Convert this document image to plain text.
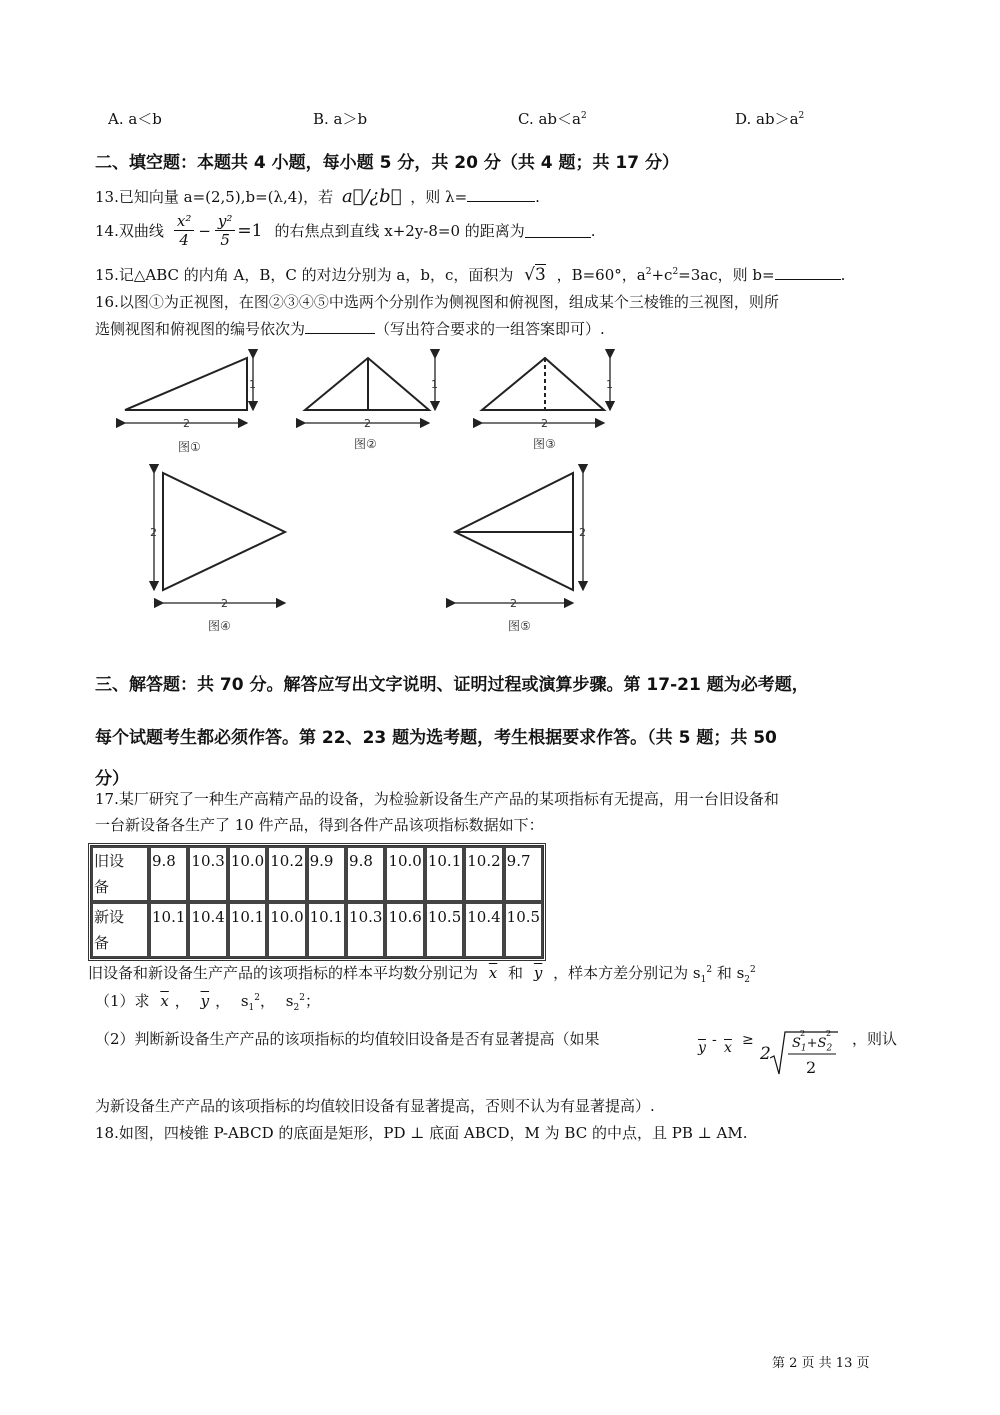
A. a＜b	B. a＞b	C. $ab<a^2$	D. $ab>a^2$
二、填空题：本题共 4 小题，每小题 5 分，共 20 分（共 4 题；共 17 分）
13.已知向量 a=(2,5),b=(λ,4)，若 a⃗/¿b⃗ ，则 λ=	.
14.双曲线 $\frac{\text{x²}}{4} - \frac{\text{y²}}{5} =1$ 的右焦点到直线 x+2y-8=0 的距离为	.
15.记△ABC 的内角 A，B，C 的对边分别为 a，b，c，面积为 √3 ，B=60°，$a^2+c^2=3ac$，则 b=	.
16.以图①为正视图，在图②③④⑤中选两个分别作为侧视图和俯视图，组成某个三棱锥的三视图，则所
选侧视图和俯视图的编号依次为	（写出符合要求的一组答案即可）.
2
1
图①
2
1
图②
2
1
图③
2
2
图④
2
2
图⑤
三、解答题：共 70 分。解答应写出文字说明、证明过程或演算步骤。第 17-21 题为必考题，
每个试题考生都必须作答。第 22、23 题为选考题，考生根据要求作答。（共 5 题；共 50
分）
17.某厂研究了一种生产高精产品的设备，为检验新设备生产产品的某项指标有无提高，用一台旧设备和
一台新设备各生产了 10 件产品，得到各件产品该项指标数据如下：
旧设
备	9.8	10.3	10.0	10.2	9.9	9.8	10.0	10.1	10.2	9.7
新设
备	10.1	10.4	10.1	10.0	10.1	10.3	10.6	10.5	10.4	10.5
旧设备和新设备生产产品的该项指标的样本平均数分别记为 $\overline{x}$ 和 $\overline{y}$ ，样本方差分别记为 $s_1^2$ 和 $s_2^2$
（1）求 $\overline{x}$ ， $\overline{y}$ ， $s_1^2$， $s_2^2$；
（2）判断新设备生产产品的该项指标的均值较旧设备是否有显著提高（如果	$\overline{y} - \overline{x}$ ≥
2
$S_1+S_2$
2	2
2
，则认
为新设备生产产品的该项指标的均值较旧设备有显著提高，否则不认为有显著提高）.
18.如图，四棱锥 P-ABCD 的底面是矩形，PD ⊥ 底面 ABCD，M 为 BC 的中点，且 PB ⊥ AM.
第 2 页 共 13 页
